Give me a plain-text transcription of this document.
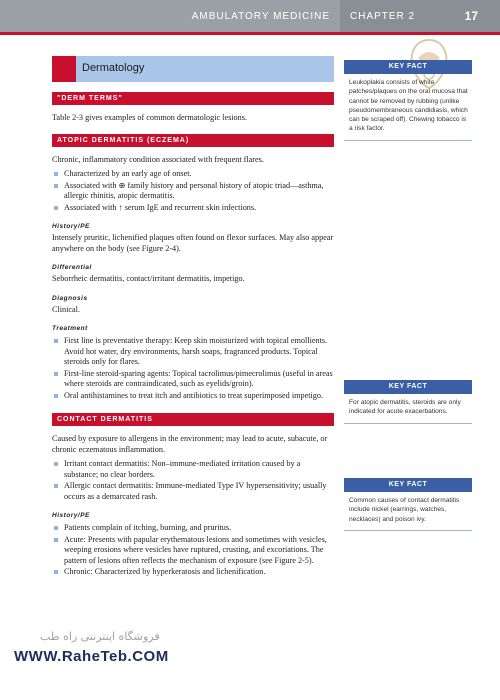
AMBULATORY MEDICINE CHAPTER 2	17
Dermatology
"DERM TERMS"

Table 2-3 gives examples of common dermatologic lesions.

ATOPIC DERMATITIS (ECZEMA)

Chronic, inflammatory condition associated with frequent flares.

Characterized by an early age of onset.
Associated with ⊕ family history and personal history of atopic triad—asthma, allergic rhinitis, atopic dermatitis.
Associated with ↑ serum IgE and recurrent skin infections.

History/PE

Intensely pruritic, lichenified plaques often found on flexor surfaces. May also appear anywhere on the body (see Figure 2-4).

Differential

Seborrheic dermatitis, contact/irritant dermatitis, impetigo.

Diagnosis

Clinical.

Treatment

First line is preventative therapy: Keep skin moisturized with topical emollients. Avoid hot water, dry environments, harsh soaps, fragranced products. Topical steroids only for flares.
First-line steroid-sparing agents: Topical tacrolimus/pimecrolimus (useful in areas where steroids are contraindicated, such as eyelids/groin).
Oral antihistamines to treat itch and antibiotics to treat superimposed impetigo.
CONTACT DERMATITIS

Caused by exposure to allergens in the environment; may lead to acute, subacute, or chronic eczematous inflammation.

Irritant contact dermatitis: Non–immune-mediated irritation caused by a substance; no clear borders.
Allergic contact dermatitis: Immune-mediated Type IV hypersensitivity; usually occurs as a demarcated rash.

History/PE

Patients complain of itching, burning, and pruritus.
Acute: Presents with papular erythematous lesions and sometimes with vesicles, weeping erosions where vesicles have ruptured, crusting, and excoriations. The pattern of lesions often reflects the mechanism of exposure (see Figure 2-5).
Chronic: Characterized by hyperkeratosis and lichenification.
KEY FACT
Leukoplakia consists of white patches/plaques on the oral mucosa that cannot be removed by rubbing (unlike pseudomembraneous candidiasis, which can be scraped off). Chewing tobacco is a risk factor.
KEY FACT
For atopic dermatitis, steroids are only indicated for acute exacerbations.
KEY FACT
Common causes of contact dermatitis include nickel (earrings, watches, necklaces) and poison ivy.
فروشگاه اینترنتی راه طب
WWW.RaheTeb.COM
